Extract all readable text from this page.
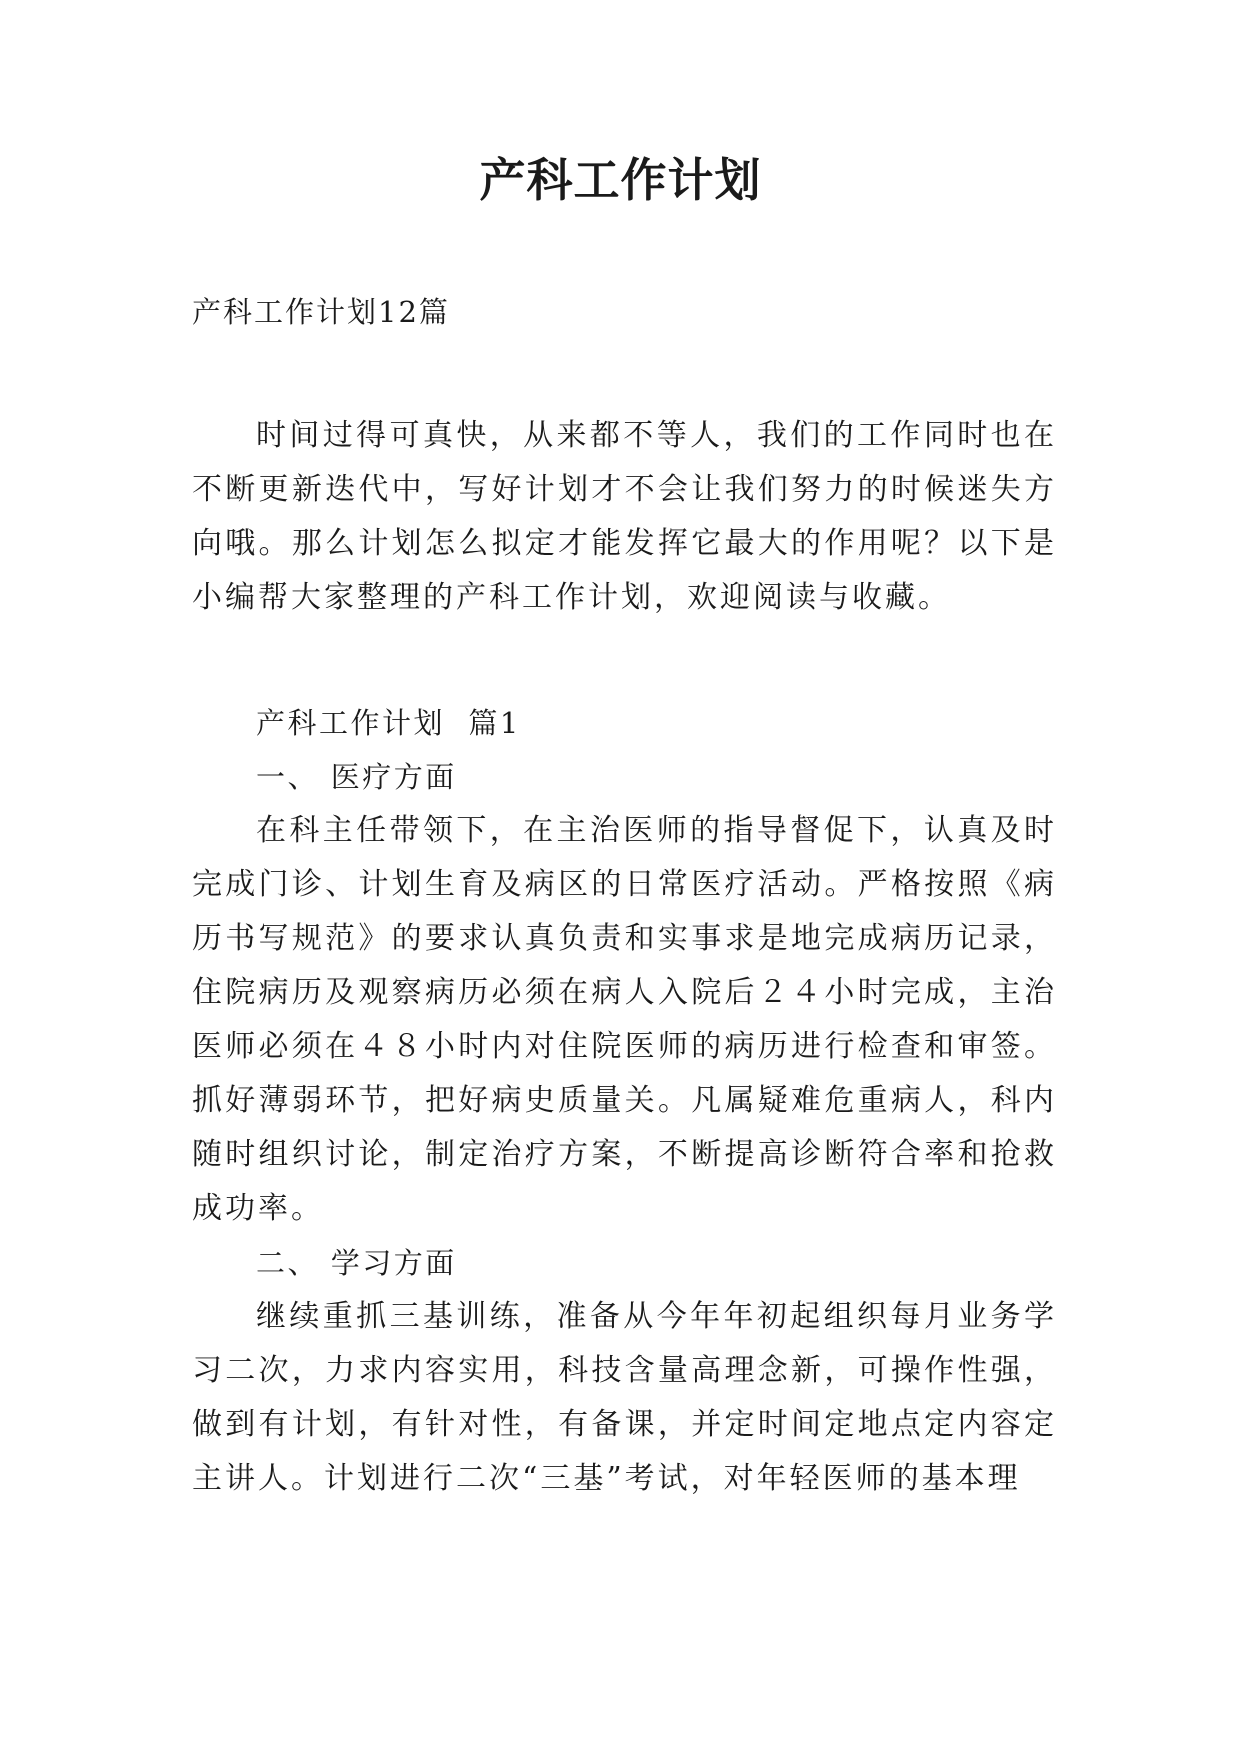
产科工作计划
产科工作计划12篇

时间过得可真快，从来都不等人，我们的工作同时也在不断更新迭代中，写好计划才不会让我们努力的时候迷失方向哦。那么计划怎么拟定才能发挥它最大的作用呢？以下是小编帮大家整理的产科工作计划，欢迎阅读与收藏。

产科工作计划  篇1

一、 医疗方面

在科主任带领下，在主治医师的指导督促下，认真及时完成门诊、计划生育及病区的日常医疗活动。严格按照《病历书写规范》的要求认真负责和实事求是地完成病历记录，住院病历及观察病历必须在病人入院后２４小时完成，主治医师必须在４８小时内对住院医师的病历进行检查和审签。抓好薄弱环节，把好病史质量关。凡属疑难危重病人，科内随时组织讨论，制定治疗方案，不断提高诊断符合率和抢救成功率。

二、 学习方面

继续重抓三基训练，准备从今年年初起组织每月业务学习二次，力求内容实用，科技含量高理念新，可操作性强，做到有计划，有针对性，有备课，并定时间定地点定内容定主讲人。计划进行二次“三基”考试，对年轻医师的基本理
